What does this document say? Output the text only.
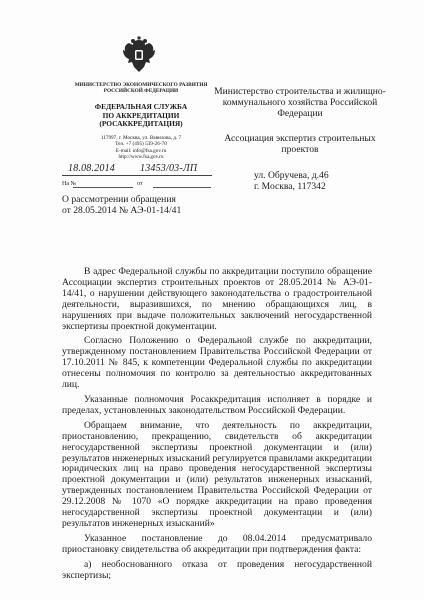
МИНИСТЕРСТВО ЭКОНОМИЧЕСКОГО РАЗВИТИЯ РОССИЙСКОЙ ФЕДЕРАЦИИ
ФЕДЕРАЛЬНАЯ СЛУЖБА
ПО АККРЕДИТАЦИИ
(РОСАККРЕДИТАЦИЯ)
117997, г. Москва, ул. Вавилова, д. 7
Тел. +7 (495) 539-26-70
E-mail: info@fsa.gov.ru
http://www.fsa.gov.ru
18.08.2014	13453/03-ЛП
На №	от
О рассмотрении обращения
от 28.05.2014 № АЭ-01-14/41
Министерство строительства и жилищно-
коммунального хозяйства Российской
Федерации
Ассоциация экспертиз строительных
проектов
ул. Обручева, д.46
г. Москва, 117342

В адрес Федеральной службы по аккредитации поступило обращение Ассоциации экспертиз строительных проектов от 28.05.2014 № АЭ-01-14/41, о нарушении действующего законодательства о градостроительной деятельности, выразившихся, по мнению обращающихся лиц, в нарушениях при выдаче положительных заключений негосударственной экспертизы проектной документации.

Согласно Положению о Федеральной службе по аккредитации, утвержденному постановлением Правительства Российской Федерации от 17.10.2011 № 845, к компетенции Федеральной службы по аккредитации отнесены полномочия по контролю за деятельностью аккредитованных лиц.

Указанные полномочия Росаккредитация исполняет в порядке и пределах, установленных законодательством Российской Федерации.

Обращаем внимание, что деятельность по аккредитации, приостановлению, прекращению, свидетельств об аккредитации негосударственной экспертизы проектной документации и (или) результатов инженерных изысканий регулируется правилами аккредитации юридических лиц на право проведения негосударственной экспертизы проектной документации и (или) результатов инженерных изысканий, утвержденных постановлением Правительства Российской Федерации от 29.12.2008 № 1070 «О порядке аккредитации на право проведения негосударственной экспертизы проектной документации и (или) результатов инженерных изысканий»

Указанное постановление до 08.04.2014 предусматривало приостановку свидетельства об аккредитации при подтверждения факта:

а) необоснованного отказа от проведения негосударственной экспертизы;
